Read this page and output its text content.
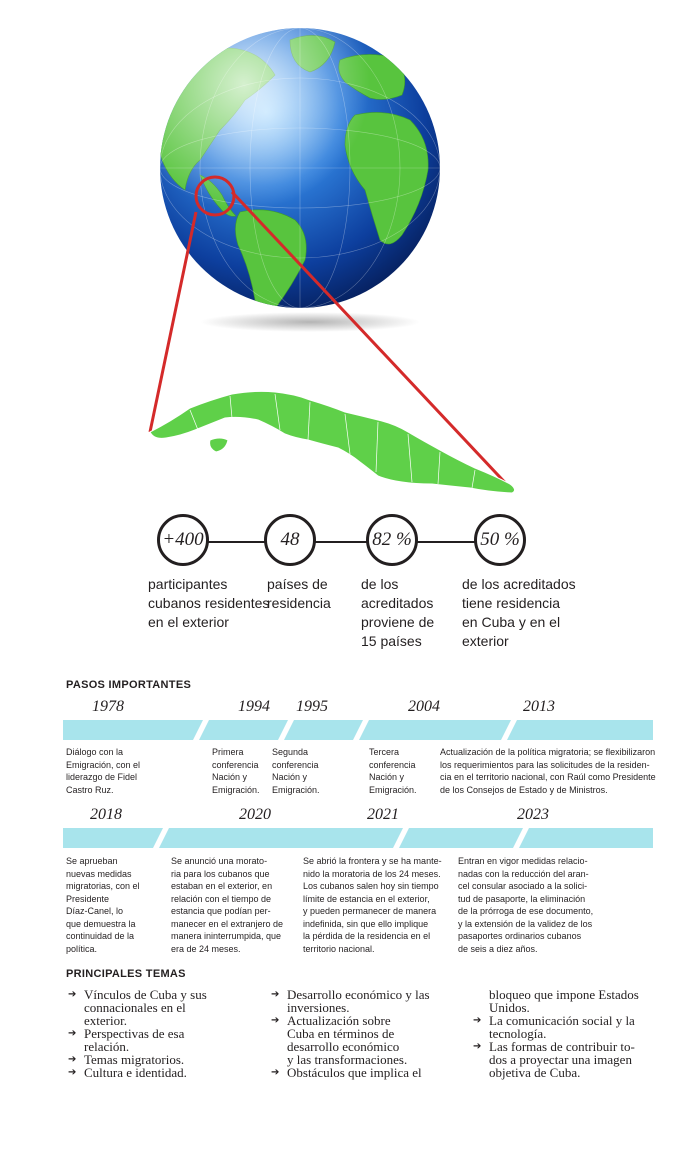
+400	48	82 %	50 %
participantes
cubanos residentes
en el exterior
países de
residencia
de los
acreditados
proviene de
15 países
de los acreditados
tiene residencia
en Cuba y en el
exterior
PASOS IMPORTANTES
1978	1994 1995	2004	2013
Diálogo con la
Emigración, con el
liderazgo de Fidel
Castro Ruz.
Primera
conferencia
Nación y
Emigración.
Segunda
conferencia
Nación y
Emigración.
Tercera
conferencia
Nación y
Emigración.
Actualización de la política migratoria; se flexibilizaron
los requerimientos para las solicitudes de la residen-
cia en el territorio nacional, con Raúl como Presidente
de los Consejos de Estado y de Ministros.
2018	2020	2021	2023
Se aprueban
nuevas medidas
migratorias, con el
Presidente
Díaz-Canel, lo
que demuestra la
continuidad de la
política.
Se anunció una morato-
ria para los cubanos que
estaban en el exterior, en
relación con el tiempo de
estancia que podían per-
manecer en el extranjero de
manera ininterrumpida, que
era de 24 meses.
Se abrió la frontera y se ha mante-
nido la moratoria de los 24 meses.
Los cubanos salen hoy sin tiempo
límite de estancia en el exterior,
y pueden permanecer de manera
indefinida, sin que ello implique
la pérdida de la residencia en el
territorio nacional.
Entran en vigor medidas relacio-
nadas con la reducción del aran-
cel consular asociado a la solici-
tud de pasaporte, la eliminación
de la prórroga de ese documento,
y la extensión de la validez de los
pasaportes ordinarios cubanos
de seis a diez años.
PRINCIPALES TEMAS
➔ Vínculos de Cuba y sus
connacionales en el
exterior.
➔ Perspectivas de esa
relación.
➔ Temas migratorios.
➔ Cultura e identidad.
➔ Desarrollo económico y las
inversiones.
➔ Actualización sobre
Cuba en términos de
desarrollo económico
y las transformaciones.
➔ Obstáculos que implica el
bloqueo que impone Estados
Unidos.
➔ La comunicación social y la
tecnología.
➔ Las formas de contribuir to-
dos a proyectar una imagen
objetiva de Cuba.
